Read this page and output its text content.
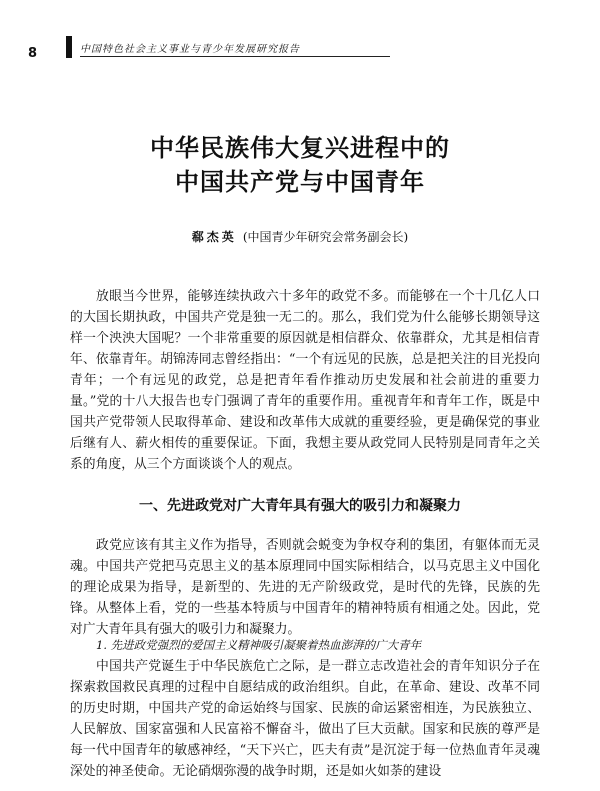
8	中国特色社会主义事业与青少年发展研究报告
中华民族伟大复兴进程中的
中国共产党与中国青年
郗杰英 (中国青少年研究会常务副会长)

放眼当今世界，能够连续执政六十多年的政党不多。而能够在一个十几亿人口的大国长期执政，中国共产党是独一无二的。那么，我们党为什么能够长期领导这样一个泱泱大国呢？一个非常重要的原因就是相信群众、依靠群众，尤其是相信青年、依靠青年。胡锦涛同志曾经指出：“一个有远见的民族，总是把关注的目光投向青年；一个有远见的政党，总是把青年看作推动历史发展和社会前进的重要力量。”党的十八大报告也专门强调了青年的重要作用。重视青年和青年工作，既是中国共产党带领人民取得革命、建设和改革伟大成就的重要经验，更是确保党的事业后继有人、薪火相传的重要保证。下面，我想主要从政党同人民特别是同青年之关系的角度，从三个方面谈谈个人的观点。

一、先进政党对广大青年具有强大的吸引力和凝聚力

政党应该有其主义作为指导，否则就会蜕变为争权夺利的集团，有躯体而无灵魂。中国共产党把马克思主义的基本原理同中国实际相结合，以马克思主义中国化的理论成果为指导，是新型的、先进的无产阶级政党，是时代的先锋，民族的先锋。从整体上看，党的一些基本特质与中国青年的精神特质有相通之处。因此，党对广大青年具有强大的吸引力和凝聚力。

1. 先进政党强烈的爱国主义精神吸引凝聚着热血澎湃的广大青年

中国共产党诞生于中华民族危亡之际，是一群立志改造社会的青年知识分子在探索救国救民真理的过程中自愿结成的政治组织。自此，在革命、建设、改革不同的历史时期，中国共产党的命运始终与国家、民族的命运紧密相连，为民族独立、人民解放、国家富强和人民富裕不懈奋斗，做出了巨大贡献。国家和民族的尊严是每一代中国青年的敏感神经，“天下兴亡，匹夫有责”是沉淀于每一位热血青年灵魂深处的神圣使命。无论硝烟弥漫的战争时期，还是如火如荼的建设
